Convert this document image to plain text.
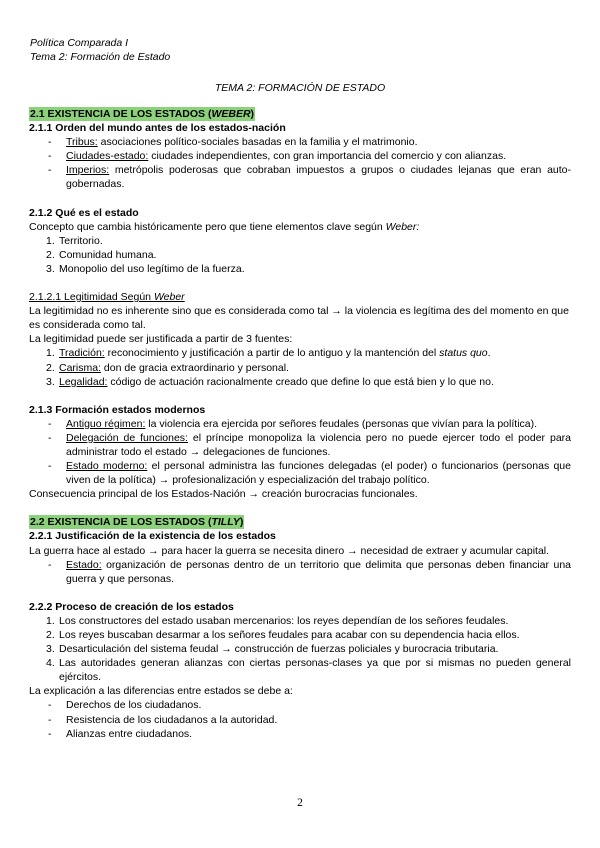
Política Comparada I
Tema 2: Formación de Estado
TEMA 2: FORMACIÓN DE ESTADO

2.1 EXISTENCIA DE LOS ESTADOS (WEBER)

2.1.1 Orden del mundo antes de los estados-nación

- Tribus: asociaciones político-sociales basadas en la familia y el matrimonio.
- Ciudades-estado: ciudades independientes, con gran importancia del comercio y con alianzas.
- Imperios: metrópolis poderosas que cobraban impuestos a grupos o ciudades lejanas que eran auto-gobernadas.

2.1.2 Qué es el estado

Concepto que cambia históricamente pero que tiene elementos clave según Weber:

1. Territorio.
2. Comunidad humana.
3. Monopolio del uso legítimo de la fuerza.

2.1.2.1 Legitimidad Según Weber

La legitimidad no es inherente sino que es considerada como tal → la violencia es legítima des del momento en que es considerada como tal.

La legitimidad puede ser justificada a partir de 3 fuentes:

1. Tradición: reconocimiento y justificación a partir de lo antiguo y la mantención del status quo.
2. Carisma: don de gracia extraordinario y personal.
3. Legalidad: código de actuación racionalmente creado que define lo que está bien y lo que no.

2.1.3 Formación estados modernos

- Antiguo régimen: la violencia era ejercida por señores feudales (personas que vivían para la política).
- Delegación de funciones: el príncipe monopoliza la violencia pero no puede ejercer todo el poder para administrar todo el estado → delegaciones de funciones.
- Estado moderno: el personal administra las funciones delegadas (el poder) o funcionarios (personas que viven de la política) → profesionalización y especialización del trabajo político.

Consecuencia principal de los Estados-Nación → creación burocracias funcionales.

2.2 EXISTENCIA DE LOS ESTADOS (TILLY)

2.2.1 Justificación de la existencia de los estados

La guerra hace al estado → para hacer la guerra se necesita dinero → necesidad de extraer y acumular capital.

- Estado: organización de personas dentro de un territorio que delimita que personas deben financiar una guerra y que personas.

2.2.2 Proceso de creación de los estados

1. Los constructores del estado usaban mercenarios: los reyes dependían de los señores feudales.
2. Los reyes buscaban desarmar a los señores feudales para acabar con su dependencia hacia ellos.
3. Desarticulación del sistema feudal → construcción de fuerzas policiales y burocracia tributaria.
4. Las autoridades generan alianzas con ciertas personas-clases ya que por si mismas no pueden general ejércitos.

La explicación a las diferencias entre estados se debe a:

- Derechos de los ciudadanos.
- Resistencia de los ciudadanos a la autoridad.
- Alianzas entre ciudadanos.
2
